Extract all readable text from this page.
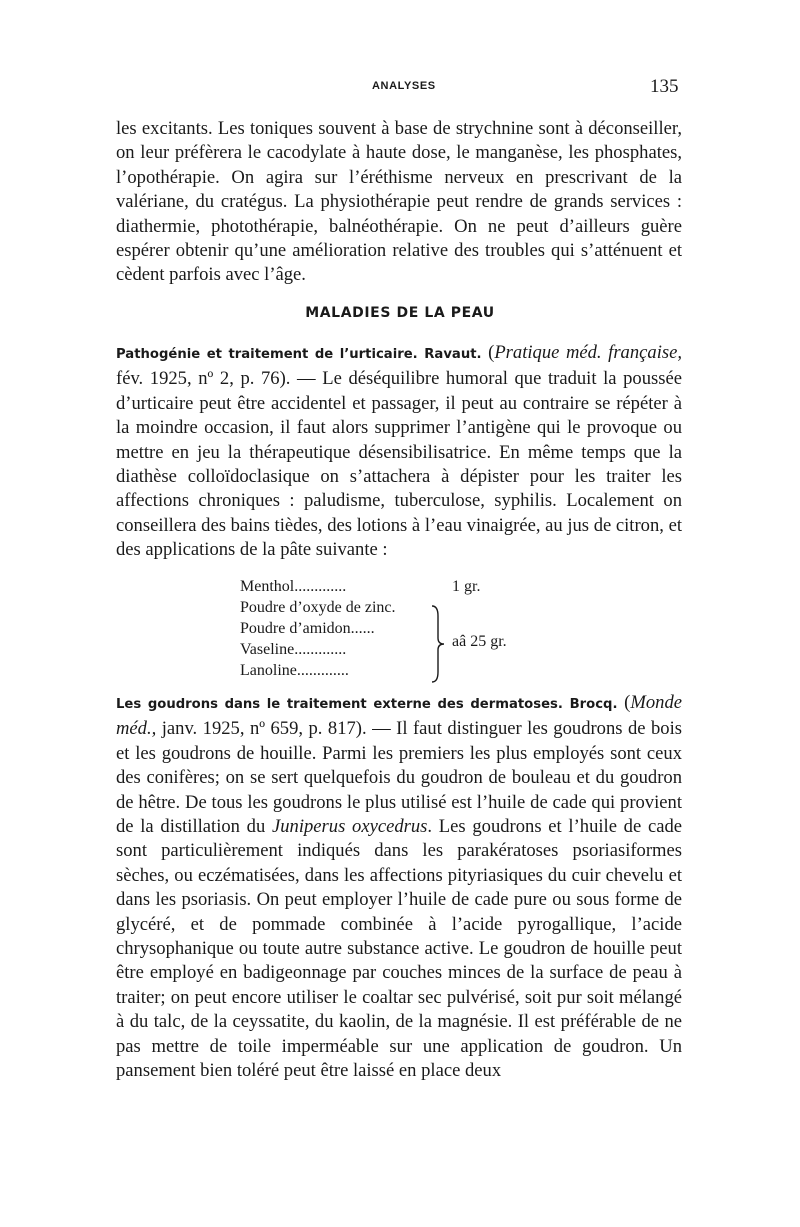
ANALYSES	135

les excitants. Les toniques souvent à base de strychnine sont à déconseiller, on leur préfèrera le cacodylate à haute dose, le manganèse, les phosphates, l’opothérapie. On agira sur l’éréthisme nerveux en prescrivant de la valériane, du cratégus. La physiothérapie peut rendre de grands services : diathermie, photothérapie, balnéothérapie. On ne peut d’ailleurs guère espérer obtenir qu’une amélioration relative des troubles qui s’atténuent et cèdent parfois avec l’âge.

MALADIES DE LA PEAU

Pathogénie et traitement de l’urticaire. Ravaut. (Pratique méd. française, fév. 1925, nº 2, p. 76). — Le déséquilibre humoral que traduit la poussée d’urticaire peut être accidentel et passager, il peut au contraire se répéter à la moindre occasion, il faut alors supprimer l’antigène qui le provoque ou mettre en jeu la thérapeutique désensibilisatrice. En même temps que la diathèse colloïdoclasique on s’attachera à dépister pour les traiter les affections chroniques : paludisme, tuberculose, syphilis. Localement on conseillera des bains tièdes, des lotions à l’eau vinaigrée, au jus de citron, et des applications de la pâte suivante :

Menthol.............	1 gr.
Poudre d’oxyde de zinc.
Poudre d’amidon......
Vaseline.............
Lanoline.............
aâ 25 gr.

Les goudrons dans le traitement externe des dermatoses. Brocq. (Monde méd., janv. 1925, nº 659, p. 817). — Il faut distinguer les goudrons de bois et les goudrons de houille. Parmi les premiers les plus employés sont ceux des conifères; on se sert quelquefois du goudron de bouleau et du goudron de hêtre. De tous les goudrons le plus utilisé est l’huile de cade qui provient de la distillation du Juniperus oxycedrus. Les goudrons et l’huile de cade sont particulièrement indiqués dans les parakératoses psoriasiformes sèches, ou eczématisées, dans les affections pityriasiques du cuir chevelu et dans les psoriasis. On peut employer l’huile de cade pure ou sous forme de glycéré, et de pommade combinée à l’acide pyrogallique, l’acide chrysophanique ou toute autre substance active. Le goudron de houille peut être employé en badigeonnage par couches minces de la surface de peau à traiter; on peut encore utiliser le coaltar sec pulvérisé, soit pur soit mélangé à du talc, de la ceyssatite, du kaolin, de la magnésie. Il est préférable de ne pas mettre de toile imperméable sur une application de goudron. Un pansement bien toléré peut être laissé en place deux
